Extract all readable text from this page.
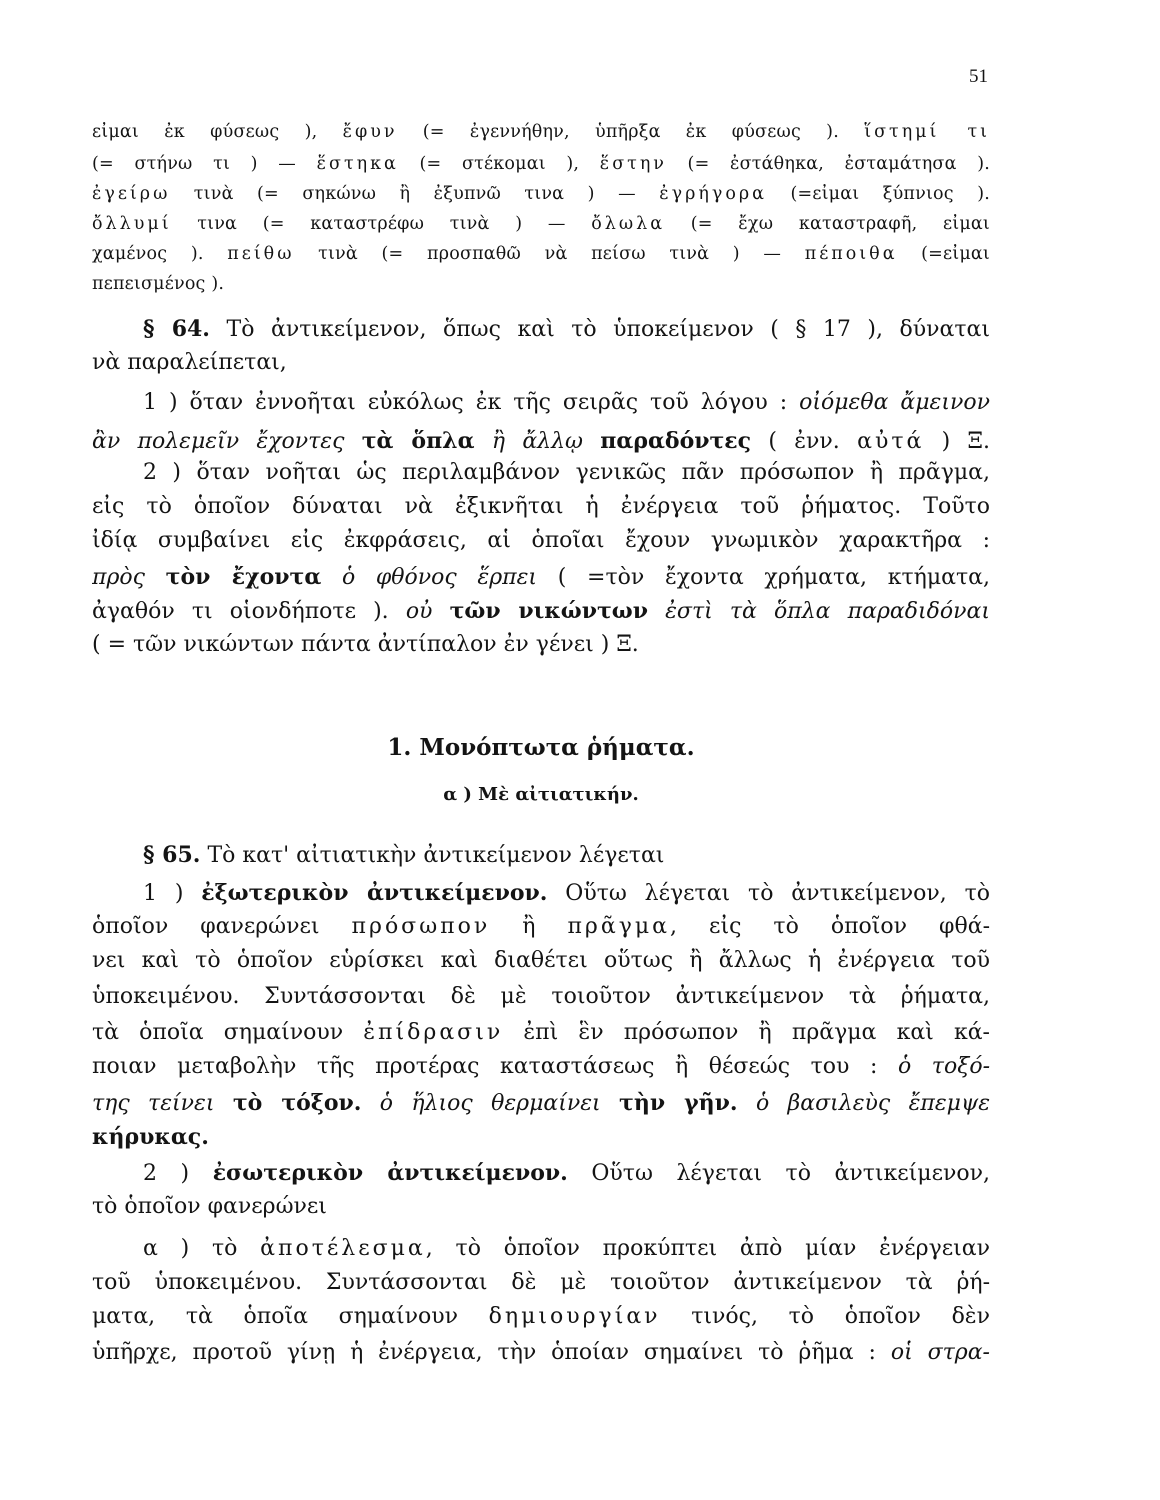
51
εἶμαι ἐκ φύσεως ), ἔφυν (= ἐγεννήθην, ὑπῆρξα ἐκ φύσεως ). ἵστημί τι
(= στήνω τι ) — ἕστηκα (= στέκομαι ), ἕστην (= ἐστάθηκα, ἐσταμάτησα ).
ἐγείρω τινὰ (= σηκώνω ἢ ἐξυπνῶ τινα ) — ἐγρήγορα (=εἶμαι ξύπνιος ).
ὄλλυμί τινα (= καταστρέφω τινὰ ) — ὄλωλα (= ἔχω καταστραφῆ, εἶμαι
χαμένος ). πείθω τινὰ (= προσπαθῶ νὰ πείσω τινὰ ) — πέποιθα (=εἶμαι
πεπεισμένος ).
§ 64. Τὸ ἀντικείμενον, ὅπως καὶ τὸ ὑποκείμενον ( § 17 ), δύναται
νὰ παραλείπεται,
1 ) ὅταν ἐννοῆται εὐκόλως ἐκ τῆς σειρᾶς τοῦ λόγου : οἰόμεθα ἄμεινον
ἂν πολεμεῖν ἔχοντες τὰ ὅπλα ἢ ἄλλῳ παραδόντες ( ἐνν. αὐτά ) Ξ.
2 ) ὅταν νοῆται ὡς περιλαμβάνον γενικῶς πᾶν πρόσωπον ἢ πρᾶγμα,
εἰς τὸ ὁποῖον δύναται νὰ ἐξικνῆται ἡ ἐνέργεια τοῦ ῥήματος. Τοῦτο
ἰδίᾳ συμβαίνει εἰς ἐκφράσεις, αἱ ὁποῖαι ἔχουν γνωμικὸν χαρακτῆρα :
πρὸς τὸν ἔχοντα ὁ φθόνος ἕρπει ( =τὸν ἔχοντα χρήματα, κτήματα,
ἀγαθόν τι οἱονδήποτε ). οὐ τῶν νικώντων ἐστὶ τὰ ὅπλα παραδιδόναι
( = τῶν νικώντων πάντα ἀντίπαλον ἐν γένει ) Ξ.
1. Μονόπτωτα ῥήματα.
α ) Μὲ αἰτιατικήν.
§ 65. Τὸ κατ' αἰτιατικὴν ἀντικείμενον λέγεται
1 ) ἐξωτερικὸν ἀντικείμενον. Οὕτω λέγεται τὸ ἀντικείμενον, τὸ
ὁποῖον φανερώνει πρόσωπον ἢ πρᾶγμα, εἰς τὸ ὁποῖον φθά-
νει καὶ τὸ ὁποῖον εὑρίσκει καὶ διαθέτει οὕτως ἢ ἄλλως ἡ ἐνέργεια τοῦ
ὑποκειμένου. Συντάσσονται δὲ μὲ τοιοῦτον ἀντικείμενον τὰ ῥήματα,
τὰ ὁποῖα σημαίνουν ἐπίδρασιν ἐπὶ ἓν πρόσωπον ἢ πρᾶγμα καὶ κά-
ποιαν μεταβολὴν τῆς προτέρας καταστάσεως ἢ θέσεώς του : ὁ τοξό-
της τείνει τὸ τόξον. ὁ ἥλιος θερμαίνει τὴν γῆν. ὁ βασιλεὺς ἔπεμψε
κήρυκας.
2 ) ἐσωτερικὸν ἀντικείμενον. Οὕτω λέγεται τὸ ἀντικείμενον,
τὸ ὁποῖον φανερώνει
α ) τὸ ἀποτέλεσμα, τὸ ὁποῖον προκύπτει ἀπὸ μίαν ἐνέργειαν
τοῦ ὑποκειμένου. Συντάσσονται δὲ μὲ τοιοῦτον ἀντικείμενον τὰ ῥή-
ματα, τὰ ὁποῖα σημαίνουν δημιουργίαν τινός, τὸ ὁποῖον δὲν
ὑπῆρχε, προτοῦ γίνῃ ἡ ἐνέργεια, τὴν ὁποίαν σημαίνει τὸ ῥῆμα : οἱ στρα-
